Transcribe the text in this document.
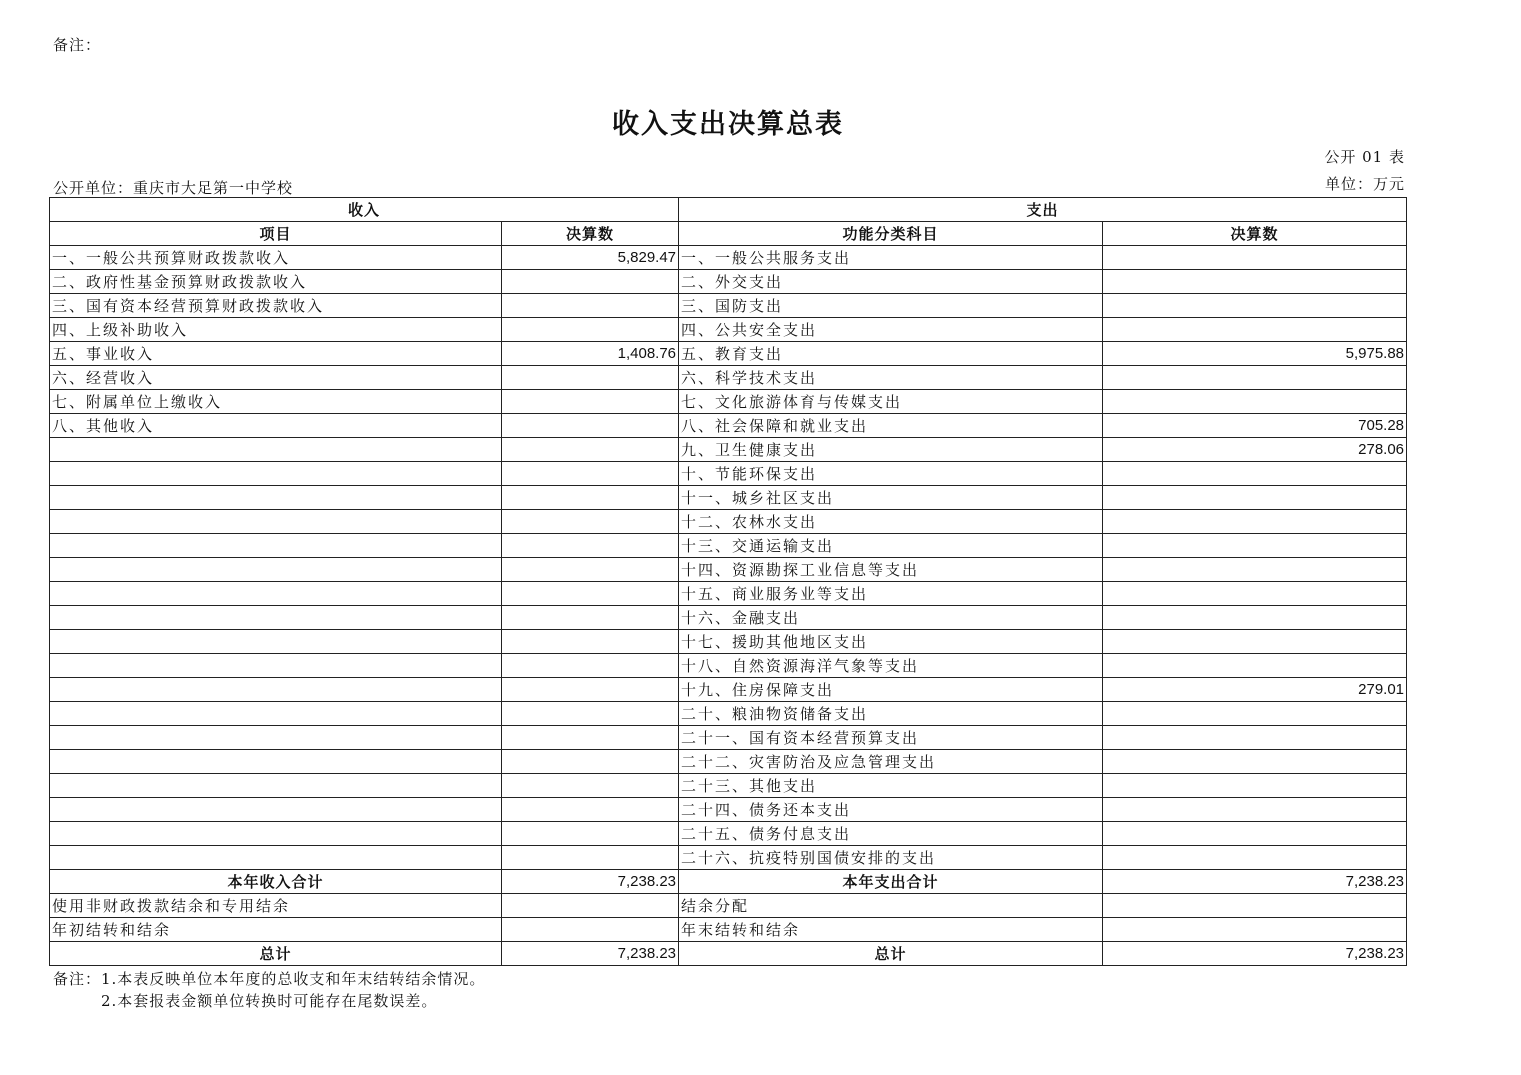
备注：
收入支出决算总表
公开 01 表
单位：万元
公开单位：重庆市大足第一中学校
收入		支出	
项目	决算数	功能分类科目	决算数
一、一般公共预算财政拨款收入	5,829.47	一、一般公共服务支出	
二、政府性基金预算财政拨款收入		二、外交支出	
三、国有资本经营预算财政拨款收入		三、国防支出	
四、上级补助收入		四、公共安全支出	
五、事业收入	1,408.76	五、教育支出	5,975.88
六、经营收入		六、科学技术支出	
七、附属单位上缴收入		七、文化旅游体育与传媒支出	
八、其他收入		八、社会保障和就业支出	705.28
		九、卫生健康支出	278.06
		十、节能环保支出	
		十一、城乡社区支出	
		十二、农林水支出	
		十三、交通运输支出	
		十四、资源勘探工业信息等支出	
		十五、商业服务业等支出	
		十六、金融支出	
		十七、援助其他地区支出	
		十八、自然资源海洋气象等支出	
		十九、住房保障支出	279.01
		二十、粮油物资储备支出	
		二十一、国有资本经营预算支出	
		二十二、灾害防治及应急管理支出	
		二十三、其他支出	
		二十四、债务还本支出	
		二十五、债务付息支出	
		二十六、抗疫特别国债安排的支出	
本年收入合计	7,238.23	本年支出合计	7,238.23
使用非财政拨款结余和专用结余		结余分配	
年初结转和结余		年末结转和结余	
总计	7,238.23	总计	7,238.23
备注：1.本表反映单位本年度的总收支和年末结转结余情况。
2.本套报表金额单位转换时可能存在尾数误差。
